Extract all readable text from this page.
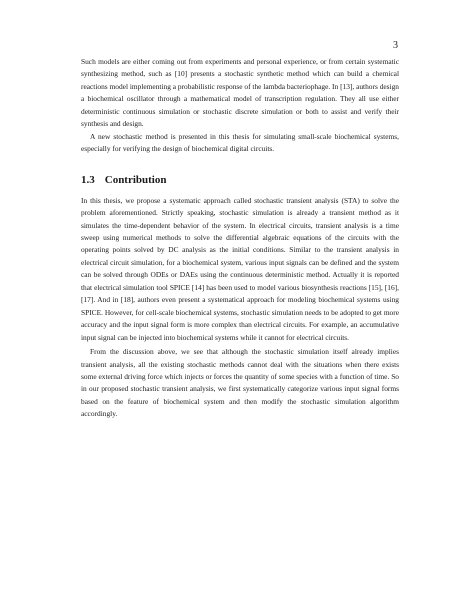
3

Such models are either coming out from experiments and personal experience, or from certain systematic synthesizing method, such as [10] presents a stochastic synthetic method which can build a chemical reactions model implementing a probabilistic response of the lambda bacteriophage. In [13], authors design a biochemical oscillator through a mathematical model of transcription regulation. They all use either deterministic continuous simulation or stochastic discrete simulation or both to assist and verify their synthesis and design.

A new stochastic method is presented in this thesis for simulating small-scale biochemical systems, especially for verifying the design of biochemical digital circuits.

1.3 Contribution

In this thesis, we propose a systematic approach called stochastic transient analysis (STA) to solve the problem aforementioned. Strictly speaking, stochastic simulation is already a transient method as it simulates the time-dependent behavior of the system. In electrical circuits, transient analysis is a time sweep using numerical methods to solve the differential algebraic equations of the circuits with the operating points solved by DC analysis as the initial conditions. Similar to the transient analysis in electrical circuit simulation, for a biochemical system, various input signals can be defined and the system can be solved through ODEs or DAEs using the continuous deterministic method. Actually it is reported that electrical simulation tool SPICE [14] has been used to model various biosynthesis reactions [15], [16], [17]. And in [18], authors even present a systematical approach for modeling biochemical systems using SPICE. However, for cell-scale biochemical systems, stochastic simulation needs to be adopted to get more accuracy and the input signal form is more complex than electrical circuits. For example, an accumulative input signal can be injected into biochemical systems while it cannot for electrical circuits.

From the discussion above, we see that although the stochastic simulation itself already implies transient analysis, all the existing stochastic methods cannot deal with the situations when there exists some external driving force which injects or forces the quantity of some species with a function of time. So in our proposed stochastic transient analysis, we first systematically categorize various input signal forms based on the feature of biochemical system and then modify the stochastic simulation algorithm accordingly.
